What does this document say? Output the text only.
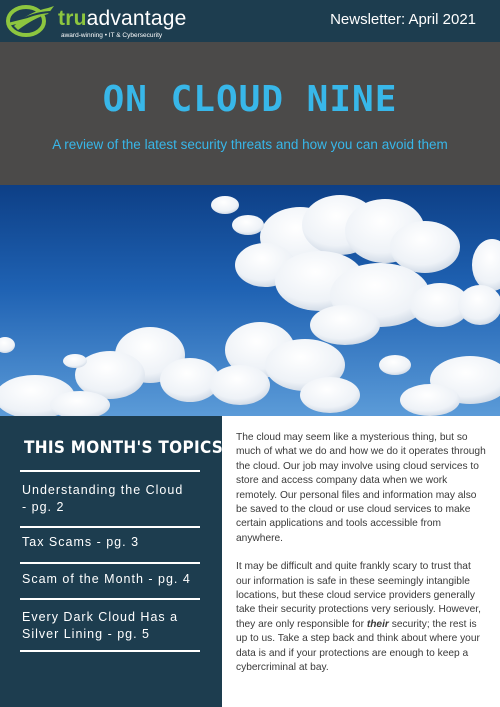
truadvantage
award-winning • IT & Cybersecurity
Newsletter: April 2021
ON CLOUD NINE
A review of the latest security threats and how you can avoid them
THIS MONTH'S TOPICS:
Understanding the Cloud
- pg. 2
Tax Scams - pg. 3
Scam of the Month - pg. 4
Every Dark Cloud Has a
Silver Lining - pg. 5

The cloud may seem like a mysterious thing, but so much of what we do and how we do it operates through the cloud. Our job may involve using cloud services to store and access company data when we work remotely. Our personal files and information may also be saved to the cloud or use cloud services to make certain applications and tools accessible from anywhere.

It may be difficult and quite frankly scary to trust that our information is safe in these seemingly intangible locations, but these cloud service providers generally take their security protections very seriously. However, they are only responsible for their security; the rest is up to us. Take a step back and think about where your data is and if your protections are enough to keep a cybercriminal at bay.
